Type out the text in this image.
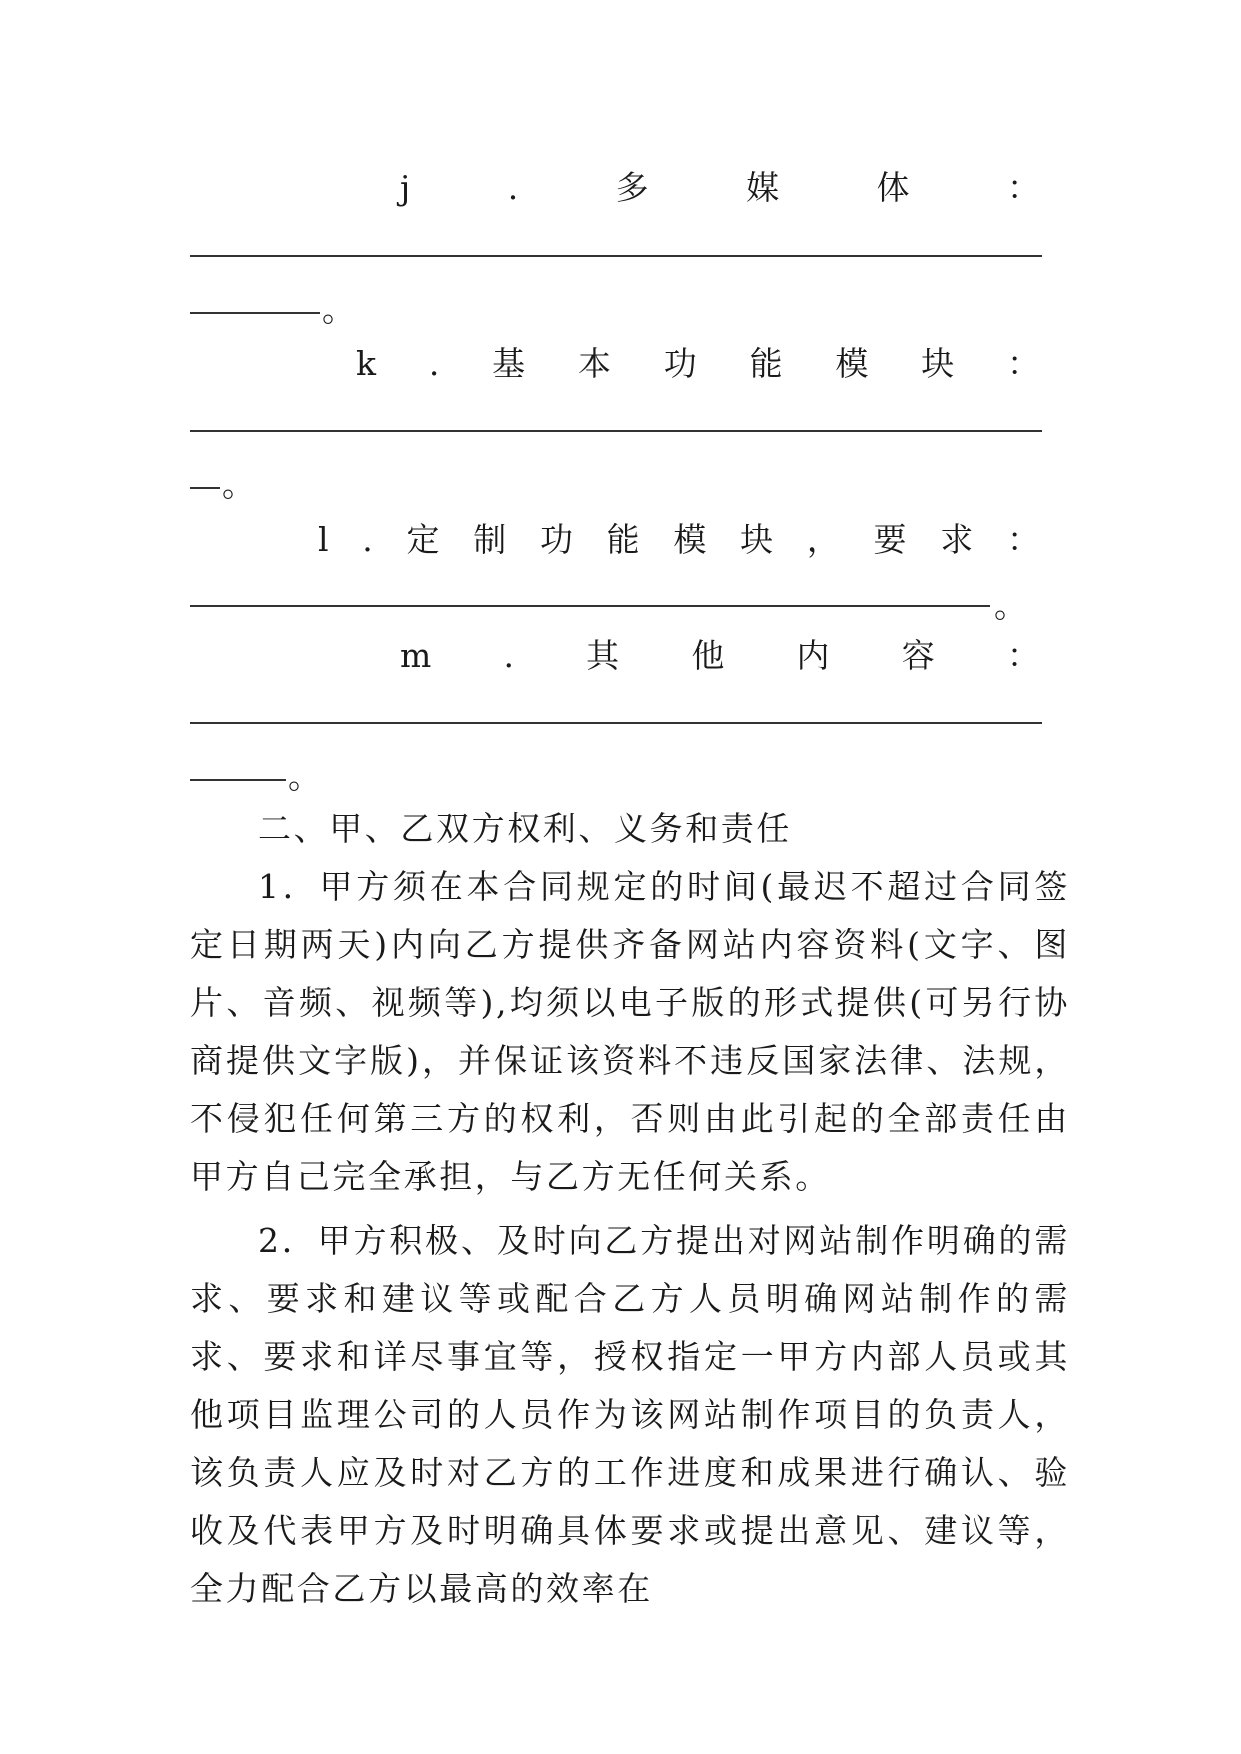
j	.	多	媒	体	：
。
k . 基 本 功 能 模 块 ：
。
l . 定 制 功 能 模 块 ， 要 求 ：
。
m . 其 他 内 容 ：
。

二、甲、乙双方权利、义务和责任

1．甲方须在本合同规定的时间(最迟不超过合同签定日期两天)内向乙方提供齐备网站内容资料(文字、图片、音频、视频等),均须以电子版的形式提供(可另行协商提供文字版)，并保证该资料不违反国家法律、法规，不侵犯任何第三方的权利，否则由此引起的全部责任由甲方自己完全承担，与乙方无任何关系。

2．甲方积极、及时向乙方提出对网站制作明确的需求、要求和建议等或配合乙方人员明确网站制作的需求、要求和详尽事宜等，授权指定一甲方内部人员或其他项目监理公司的人员作为该网站制作项目的负责人，该负责人应及时对乙方的工作进度和成果进行确认、验收及代表甲方及时明确具体要求或提出意见、建议等，全力配合乙方以最高的效率在
